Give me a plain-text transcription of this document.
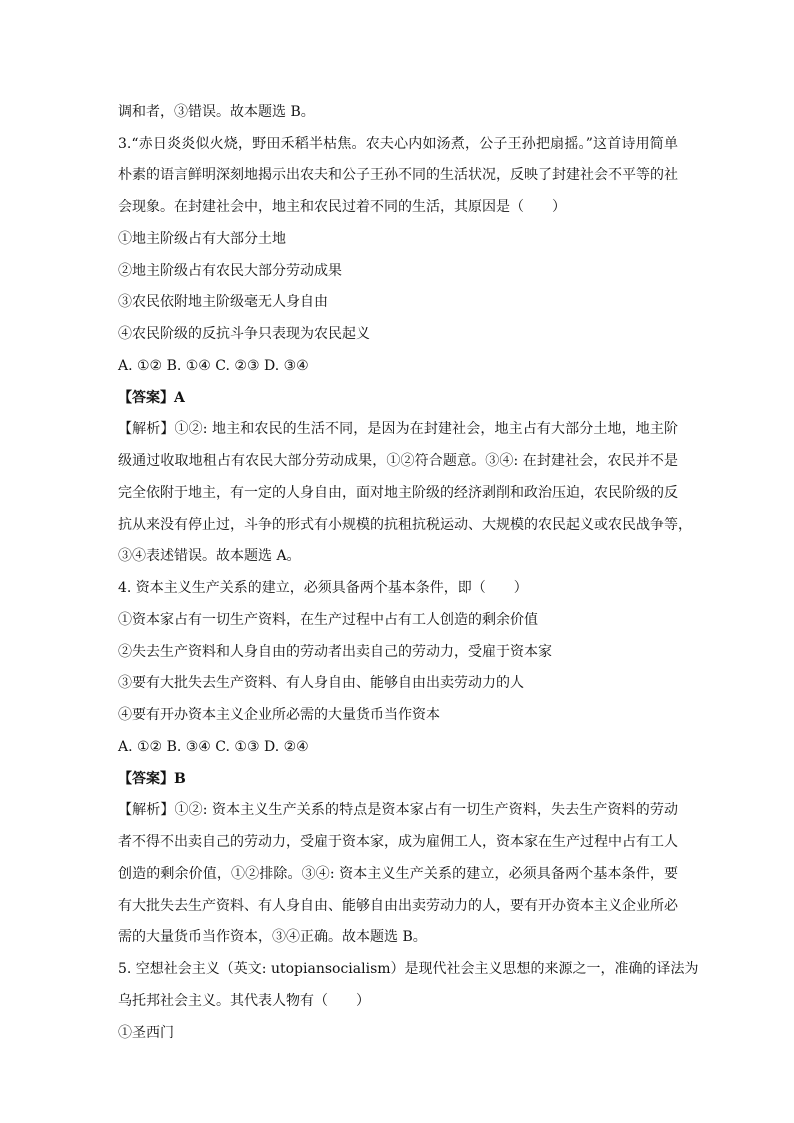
调和者，③错误。故本题选 B。
3.“赤日炎炎似火烧，野田禾稻半枯焦。农夫心内如汤煮，公子王孙把扇摇。”这首诗用简单
朴素的语言鲜明深刻地揭示出农夫和公子王孙不同的生活状况，反映了封建社会不平等的社
会现象。在封建社会中，地主和农民过着不同的生活，其原因是（　　）
①地主阶级占有大部分土地
②地主阶级占有农民大部分劳动成果
③农民依附地主阶级毫无人身自由
④农民阶级的反抗斗争只表现为农民起义
A. ①② B. ①④ C. ②③ D. ③④
【答案】A
【解析】①②: 地主和农民的生活不同，是因为在封建社会，地主占有大部分土地，地主阶
级通过收取地租占有农民大部分劳动成果，①②符合题意。③④: 在封建社会，农民并不是
完全依附于地主，有一定的人身自由，面对地主阶级的经济剥削和政治压迫，农民阶级的反
抗从来没有停止过，斗争的形式有小规模的抗租抗税运动、大规模的农民起义或农民战争等，
③④表述错误。故本题选 A。
4. 资本主义生产关系的建立，必须具备两个基本条件，即（　　）
①资本家占有一切生产资料，在生产过程中占有工人创造的剩余价值
②失去生产资料和人身自由的劳动者出卖自己的劳动力，受雇于资本家
③要有大批失去生产资料、有人身自由、能够自由出卖劳动力的人
④要有开办资本主义企业所必需的大量货币当作资本
A. ①② B. ③④ C. ①③ D. ②④
【答案】B
【解析】①②: 资本主义生产关系的特点是资本家占有一切生产资料，失去生产资料的劳动
者不得不出卖自己的劳动力，受雇于资本家，成为雇佣工人，资本家在生产过程中占有工人
创造的剩余价值，①②排除。③④: 资本主义生产关系的建立，必须具备两个基本条件，要
有大批失去生产资料、有人身自由、能够自由出卖劳动力的人，要有开办资本主义企业所必
需的大量货币当作资本，③④正确。故本题选 B。
5. 空想社会主义（英文: utopiansocialism）是现代社会主义思想的来源之一，准确的译法为
乌托邦社会主义。其代表人物有（　　）
①圣西门
